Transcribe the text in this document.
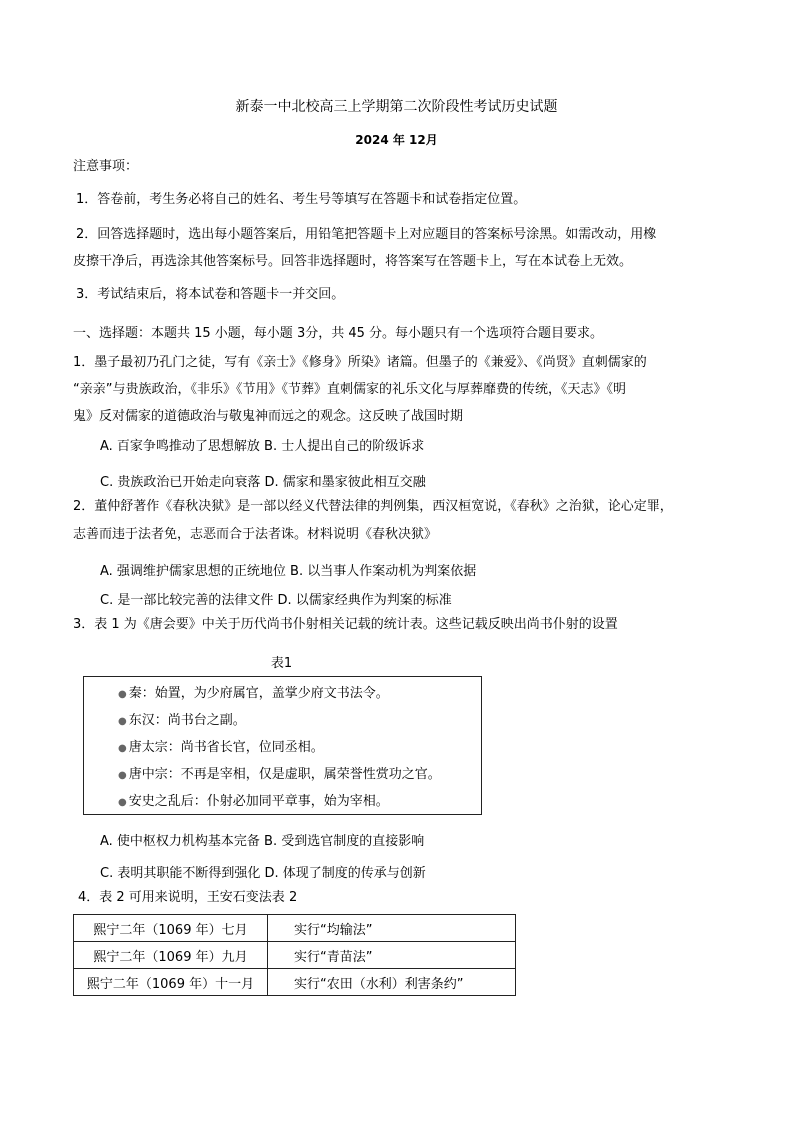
新泰一中北校高三上学期第二次阶段性考试历史试题
2024 年 12月
注意事项：
1．答卷前，考生务必将自己的姓名、考生号等填写在答题卡和试卷指定位置。
2．回答选择题时，选出每小题答案后，用铅笔把答题卡上对应题目的答案标号涂黑。如需改动，用橡
皮擦干净后，再选涂其他答案标号。回答非选择题时，将答案写在答题卡上，写在本试卷上无效。
3．考试结束后，将本试卷和答题卡一并交回。
一、选择题：本题共 15 小题，每小题 3分，共 45 分。每小题只有一个选项符合题目要求。
1．墨子最初乃孔门之徒，写有《亲士》《修身》所染》诸篇。但墨子的《兼爱》、《尚贤》直刺儒家的
“亲亲”与贵族政治，《非乐》《节用》《节葬》直刺儒家的礼乐文化与厚葬靡费的传统，《天志》《明
鬼》反对儒家的道德政治与敬鬼神而远之的观念。这反映了战国时期
A. 百家争鸣推动了思想解放 B. 士人提出自己的阶级诉求
C. 贵族政治已开始走向衰落 D. 儒家和墨家彼此相互交融
2．董仲舒著作《春秋决狱》是一部以经义代替法律的判例集，西汉桓宽说，《春秋》之治狱，论心定罪，
志善而违于法者免，志恶而合于法者诛。材料说明《春秋决狱》
A. 强调维护儒家思想的正统地位 B. 以当事人作案动机为判案依据
C. 是一部比较完善的法律文件 D. 以儒家经典作为判案的标准
3．表 1 为《唐会要》中关于历代尚书仆射相关记载的统计表。这些记载反映出尚书仆射的设置
表1
● 秦：始置，为少府属官，盖掌少府文书法令。
● 东汉：尚书台之副。
● 唐太宗：尚书省长官，位同丞相。
● 唐中宗：不再是宰相，仅是虚职，属荣誉性赏功之官。
● 安史之乱后：仆射必加同平章事，始为宰相。
A. 使中枢权力机构基本完备 B. 受到选官制度的直接影响
C. 表明其职能不断得到强化 D. 体现了制度的传承与创新
4．表 2 可用来说明，王安石变法表 2
熙宁二年（1069 年）七月	实行“均输法”
熙宁二年（1069 年）九月	实行“青苗法”
熙宁二年（1069 年）十一月	实行“农田（水利）利害条约”
